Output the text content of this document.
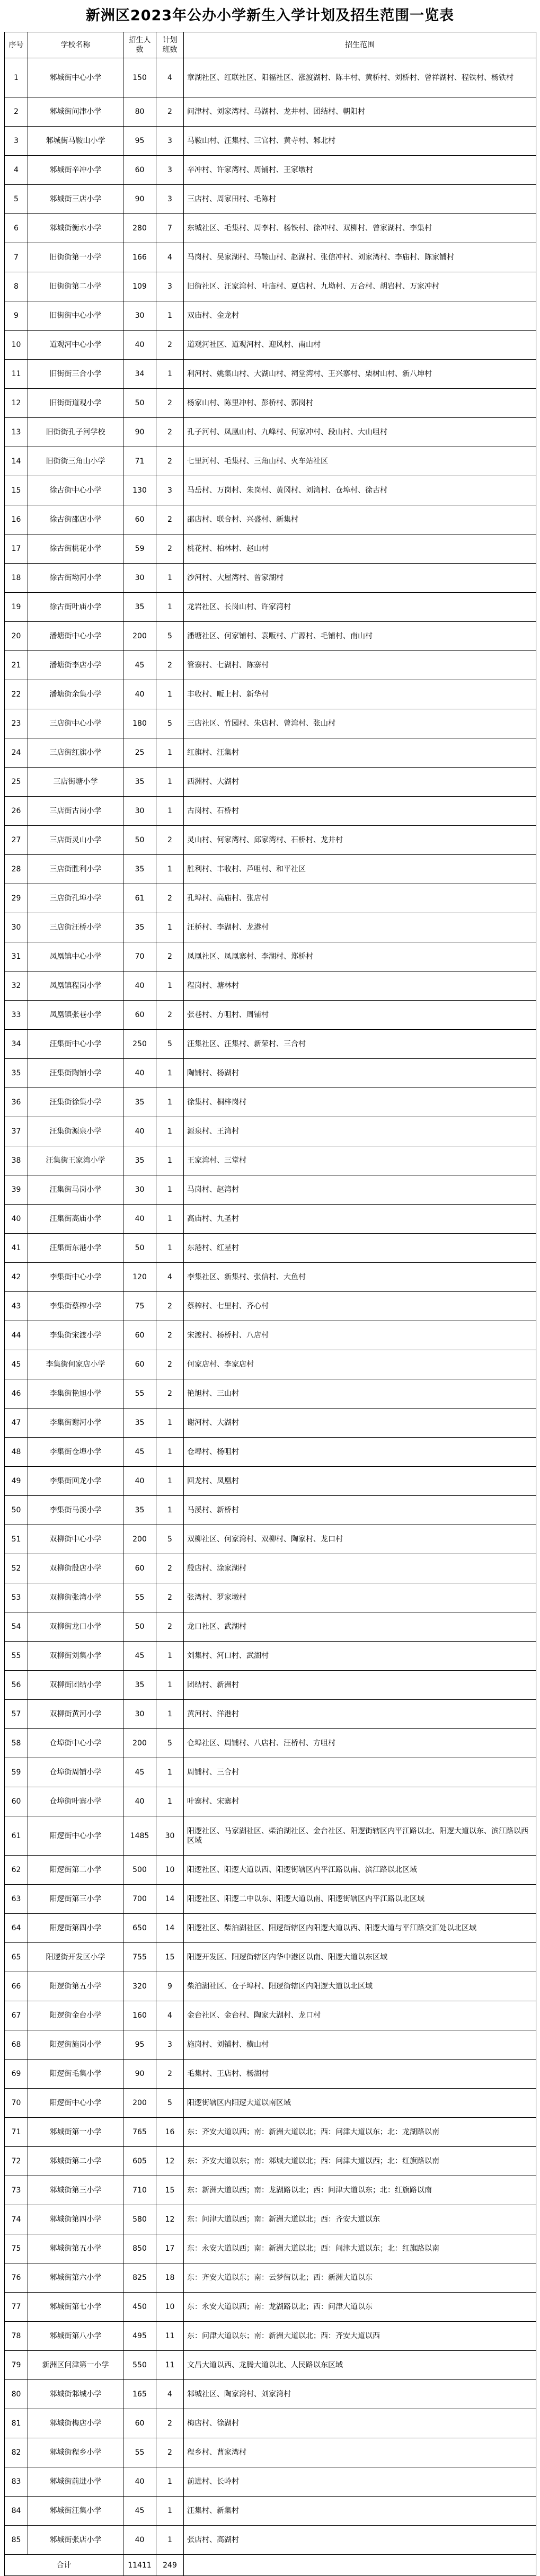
新洲区2023年公办小学新生入学计划及招生范围一览表
序号	学校名称	招生人数	计划班数	招生范围
1	邾城街中心小学	150	4	章湖社区、红联社区、阳福社区、涨渡湖村、陈丰村、黄桥村、刘桥村、曾祥湖村、程铁村、杨铁村
2	邾城街问津小学	80	2	问津村、刘家湾村、马湖村、龙井村、团结村、朝阳村
3	邾城街马鞍山小学	95	3	马鞍山村、汪集村、三官村、黄寺村、邾北村
4	邾城街辛冲小学	60	3	辛冲村、许家湾村、周铺村、王家墩村
5	邾城街三店小学	90	3	三店村、周家田村、毛陈村
6	邾城街衡水小学	280	7	东城社区、毛集村、周李村、杨铁村、徐冲村、双柳村、曾家湖村、李集村
7	旧街街第一小学	166	4	马岗村、吴家湖村、马鞍山村、赵湖村、张信冲村、刘家湾村、李庙村、陈家铺村
8	旧街街第二小学	109	3	旧街社区、汪家湾村、叶庙村、夏店村、九坳村、万合村、胡岩村、万家冲村
9	旧街街中心小学	30	1	双庙村、金龙村
10	道观河中心小学	40	2	道观河社区、道观河村、迎风村、南山村
11	旧街街三合小学	34	1	利河村、姚集山村、大湖山村、祠堂湾村、王兴寨村、栗树山村、新八坤村
12	旧街街道观小学	50	2	杨家山村、陈里冲村、彭桥村、郭岗村
13	旧街街孔子河学校	90	2	孔子河村、凤凰山村、九峰村、何家冲村、段山村、大山咀村
14	旧街街三角山小学	71	2	七里河村、毛集村、三角山村、火车站社区
15	徐古街中心小学	130	3	马岳村、万岗村、朱岗村、黄冈村、刘湾村、仓埠村、徐古村
16	徐古街邵店小学	60	2	邵店村、联合村、兴盛村、新集村
17	徐古街桃花小学	59	2	桃花村、柏林村、赵山村
18	徐古街坳河小学	30	1	沙河村、大屋湾村、曾家湖村
19	徐古街叶庙小学	35	1	龙岩社区、长岗山村、许家湾村
20	潘塘街中心小学	200	5	潘塘社区、何家铺村、袁畈村、广源村、毛铺村、南山村
21	潘塘街李店小学	45	2	管寨村、七湖村、陈寨村
22	潘塘街余集小学	40	1	丰收村、畈上村、新华村
23	三店街中心小学	180	5	三店社区、竹园村、朱店村、曾湾村、张山村
24	三店街红旗小学	25	1	红旗村、汪集村
25	三店街塘小学	35	1	西洲村、大湖村
26	三店街古岗小学	30	1	古岗村、石桥村
27	三店街灵山小学	50	2	灵山村、何家湾村、邱家湾村、石桥村、龙井村
28	三店街胜利小学	35	1	胜利村、丰收村、芦咀村、和平社区
29	三店街孔埠小学	61	2	孔埠村、高庙村、张店村
30	三店街汪桥小学	35	1	汪桥村、李湖村、龙港村
31	凤凰镇中心小学	70	2	凤凰社区、凤凰寨村、李湖村、郑桥村
32	凤凰镇程岗小学	40	1	程岗村、塘林村
33	凤凰镇张巷小学	60	2	张巷村、方咀村、周铺村
34	汪集街中心小学	250	5	汪集社区、汪集村、新荣村、三合村
35	汪集街陶铺小学	40	1	陶铺村、杨湖村
36	汪集街徐集小学	35	1	徐集村、桐梓岗村
37	汪集街源泉小学	40	1	源泉村、王湾村
38	汪集街王家湾小学	35	1	王家湾村、三堂村
39	汪集街马岗小学	30	1	马岗村、赵湾村
40	汪集街高庙小学	40	1	高庙村、九圣村
41	汪集街东港小学	50	1	东港村、红星村
42	李集街中心小学	120	4	李集社区、新集村、张信村、大鱼村
43	李集街蔡榨小学	75	2	蔡榨村、七里村、齐心村
44	李集街宋渡小学	60	2	宋渡村、杨桥村、八店村
45	李集街何家店小学	60	2	何家店村、李家店村
46	李集街艳旭小学	55	2	艳旭村、三山村
47	李集街谢河小学	35	1	谢河村、大湖村
48	李集街仓埠小学	45	1	仓埠村、杨咀村
49	李集街回龙小学	40	1	回龙村、凤凰村
50	李集街马溪小学	35	1	马溪村、新桥村
51	双柳街中心小学	200	5	双柳社区、何家湾村、双柳村、陶家村、龙口村
52	双柳街殷店小学	60	2	殷店村、涂家湖村
53	双柳街张湾小学	55	2	张湾村、罗家墩村
54	双柳街龙口小学	50	2	龙口社区、武湖村
55	双柳街刘集小学	45	1	刘集村、河口村、武湖村
56	双柳街团结小学	35	1	团结村、新洲村
57	双柳街黄河小学	30	1	黄河村、洋港村
58	仓埠街中心小学	200	5	仓埠社区、周铺村、八店村、汪桥村、方咀村
59	仓埠街周铺小学	45	1	周铺村、三合村
60	仓埠街叶寨小学	40	1	叶寨村、宋寨村
61	阳逻街中心小学	1485	30	阳逻社区、马家湖社区、柴泊湖社区、金台社区、阳逻街辖区内平江路以北、阳逻大道以东、滨江路以西区域
62	阳逻街第二小学	500	10	阳逻社区、阳逻大道以西、阳逻街辖区内平江路以南、滨江路以北区域
63	阳逻街第三小学	700	14	阳逻社区、阳逻二中以东、阳逻大道以南、阳逻街辖区内平江路以北区域
64	阳逻街第四小学	650	14	阳逻社区、柴泊湖社区、阳逻街辖区内阳逻大道以西、阳逻大道与平江路交汇处以北区域
65	阳逻街开发区小学	755	15	阳逻开发区、阳逻街辖区内华中港区以南、阳逻大道以东区域
66	阳逻街第五小学	320	9	柴泊湖社区、仓子埠村、阳逻街辖区内阳逻大道以北区域
67	阳逻街金台小学	160	4	金台社区、金台村、陶家大湖村、龙口村
68	阳逻街施岗小学	95	3	施岗村、刘铺村、横山村
69	阳逻街毛集小学	90	2	毛集村、王店村、杨湖村
70	阳逻街中心小学	200	5	阳逻街辖区内阳逻大道以南区域
71	邾城街第一小学	765	16	东：齐安大道以西；南：新洲大道以北；西：问津大道以东；北：龙湖路以南
72	邾城街第二小学	605	12	东：齐安大道以东；南：邾城大道以北；西：问津大道以西；北：红旗路以南
73	邾城街第三小学	710	15	东：新洲大道以西；南：龙湖路以北；西：问津大道以东；北：红旗路以南
74	邾城街第四小学	580	12	东：问津大道以西；南：新洲大道以北；西：齐安大道以东
75	邾城街第五小学	850	17	东：永安大道以西；南：新洲大道以北；西：问津大道以东；北：红旗路以南
76	邾城街第六小学	825	18	东：齐安大道以东；南：云梦街以北；西：新洲大道以东
77	邾城街第七小学	450	10	东：永安大道以西；南：龙湖路以北；西：问津大道以东
78	邾城街第八小学	495	11	东：问津大道以东；南：新洲大道以北；西：齐安大道以西
79	新洲区问津第一小学	550	11	文昌大道以西、龙腾大道以北、人民路以东区域
80	邾城街邾城小学	165	4	邾城社区、陶家湾村、刘家湾村
81	邾城街梅店小学	60	2	梅店村、徐湖村
82	邾城街程乡小学	55	2	程乡村、曹家湾村
83	邾城街前进小学	40	1	前进村、长岭村
84	邾城街汪集小学	45	1	汪集村、新集村
85	邾城街张店小学	40	1	张店村、高湖村
合计		11411	249	
